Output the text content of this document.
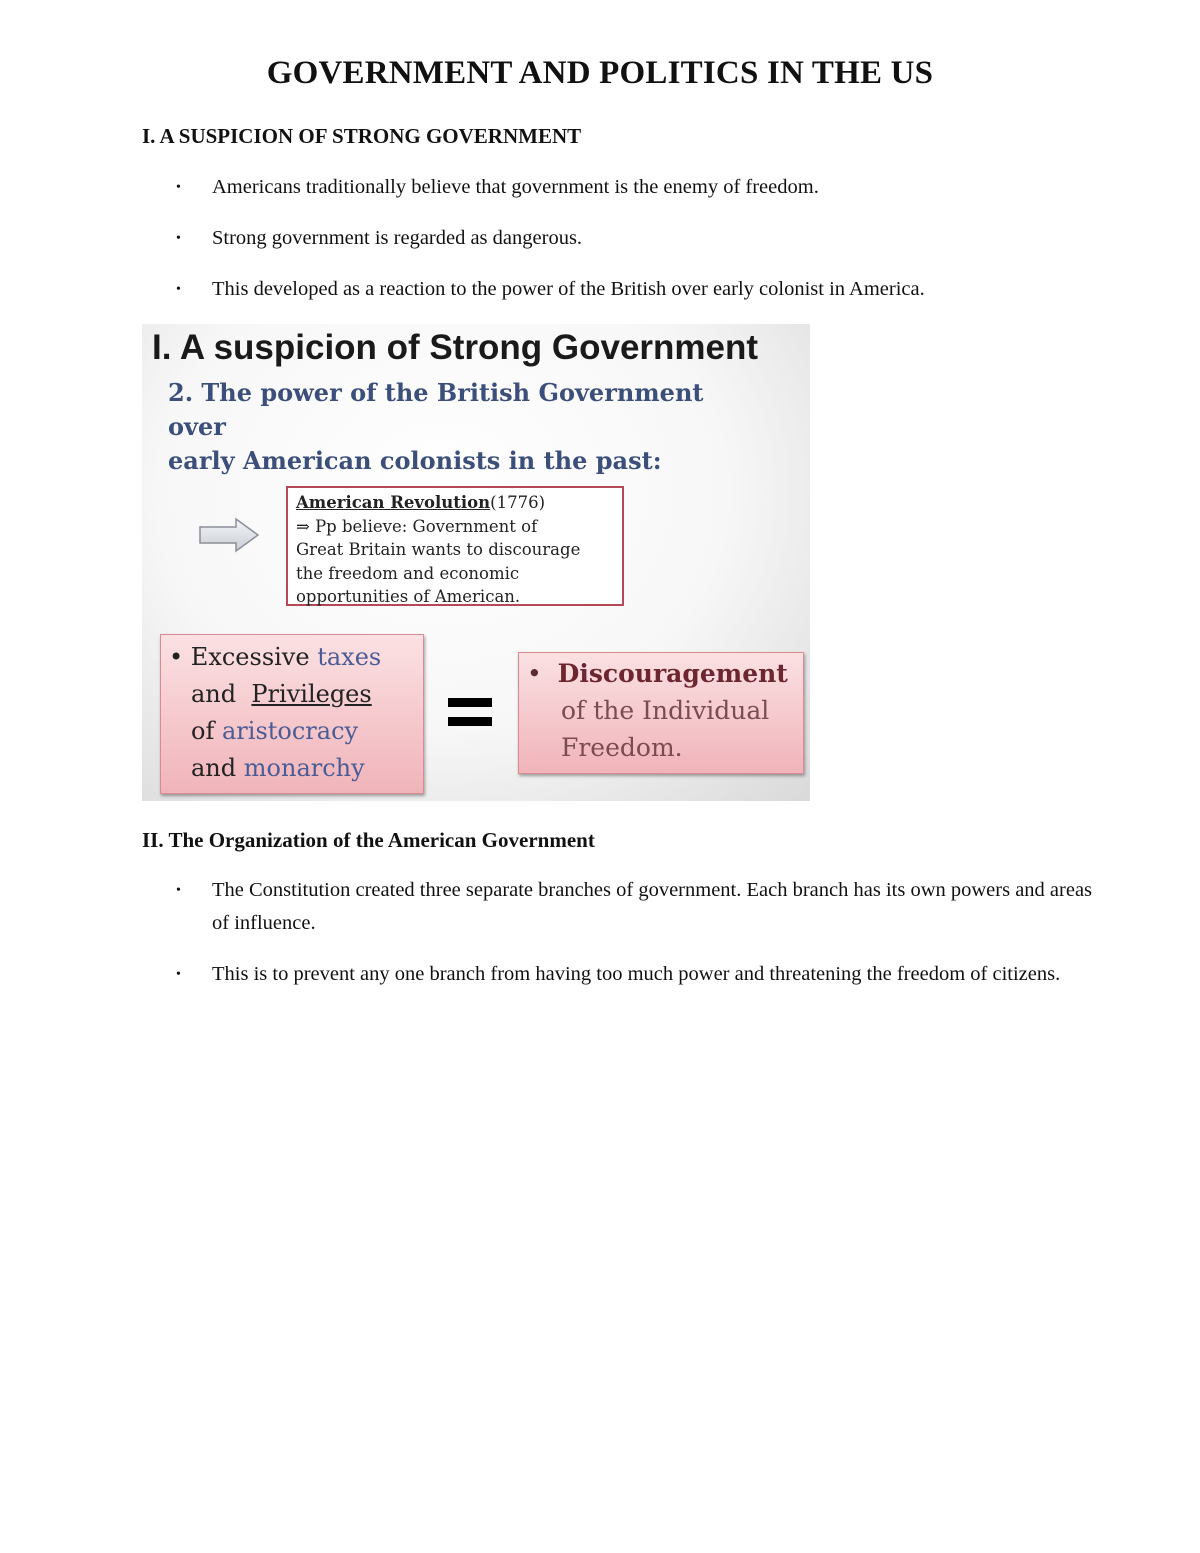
GOVERNMENT AND POLITICS IN THE US
I. A SUSPICION OF STRONG GOVERNMENT
• Americans traditionally believe that government is the enemy of freedom.
• Strong government is regarded as dangerous.
• This developed as a reaction to the power of the British over early colonist in America.
I. A suspicion of Strong Government
2. The power of the British Government over
early American colonists in the past:
American Revolution(1776)
⇒ Pp believe: Government of
Great Britain wants to discourage
the freedom and economic
opportunities of American.
• Excessive taxes
and Privileges
of aristocracy
and monarchy
• Discouragement
of the Individual
Freedom.
II. The Organization of the American Government
• The Constitution created three separate branches of government. Each branch has its own powers and areas of influence.
• This is to prevent any one branch from having too much power and threatening the freedom of citizens.
